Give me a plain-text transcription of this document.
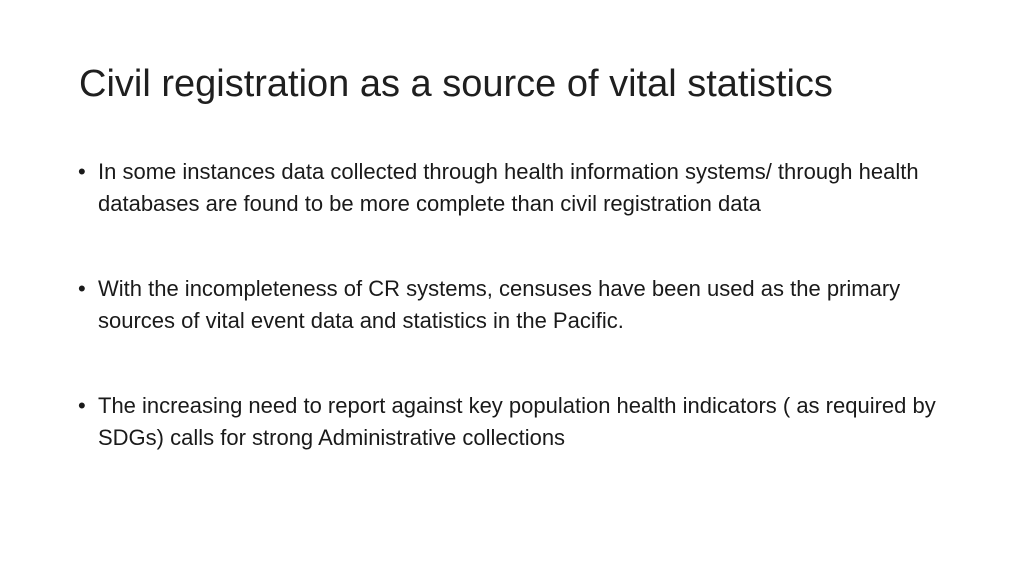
Civil registration as a source of vital statistics
• In some instances data collected through health information systems/ through health databases are found to be more complete than civil registration data
• With the incompleteness of CR systems, censuses have been used as the primary sources of vital event data and statistics in the Pacific.
• The increasing need to report against key population health indicators ( as required by SDGs) calls for strong Administrative collections
